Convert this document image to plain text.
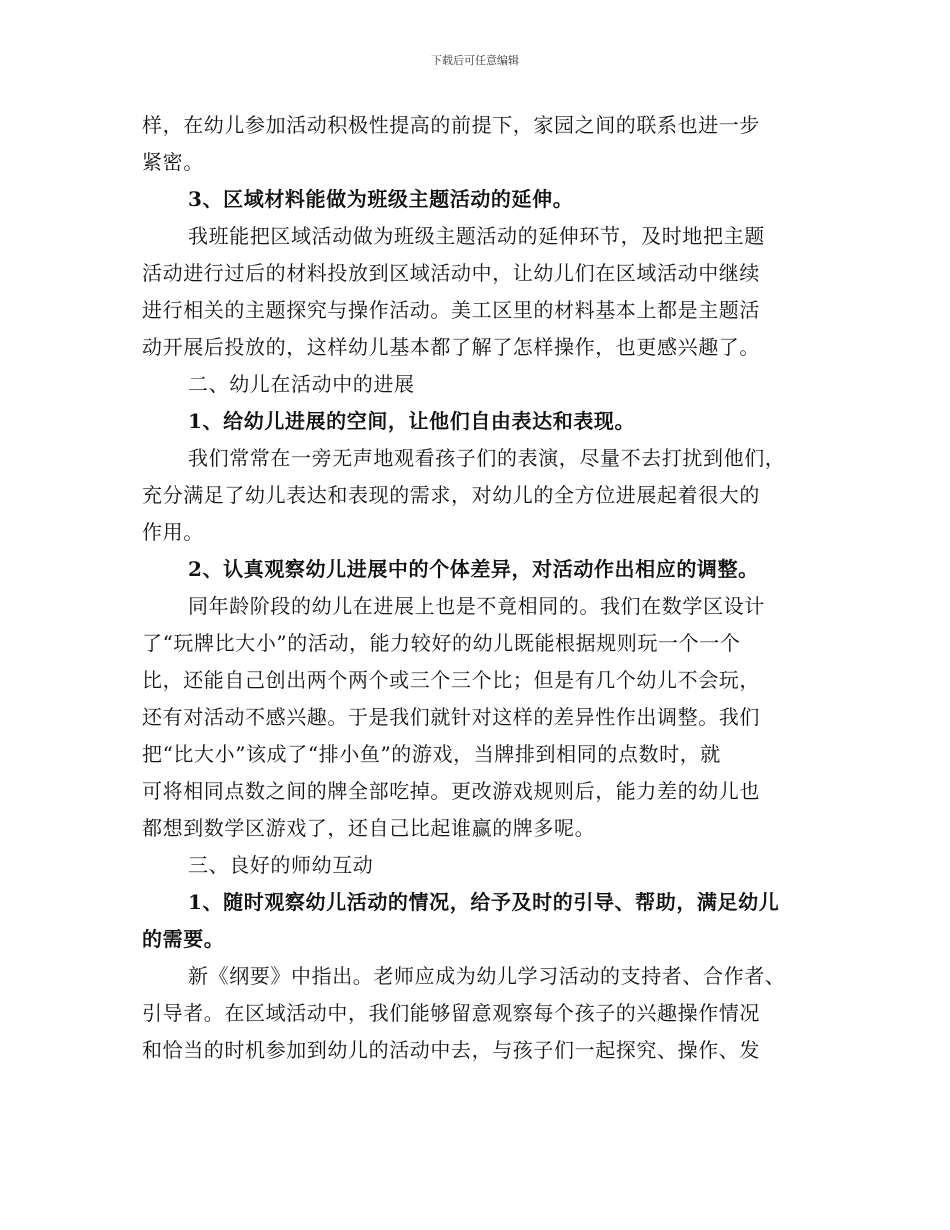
下载后可任意编辑
样，在幼儿参加活动积极性提高的前提下，家园之间的联系也进一步
紧密。
3、区域材料能做为班级主题活动的延伸。
我班能把区域活动做为班级主题活动的延伸环节，及时地把主题
活动进行过后的材料投放到区域活动中，让幼儿们在区域活动中继续
进行相关的主题探究与操作活动。美工区里的材料基本上都是主题活
动开展后投放的，这样幼儿基本都了解了怎样操作，也更感兴趣了。
二、幼儿在活动中的进展
1、给幼儿进展的空间，让他们自由表达和表现。
我们常常在一旁无声地观看孩子们的表演，尽量不去打扰到他们，
充分满足了幼儿表达和表现的需求，对幼儿的全方位进展起着很大的
作用。
2、认真观察幼儿进展中的个体差异，对活动作出相应的调整。
同年龄阶段的幼儿在进展上也是不竟相同的。我们在数学区设计
了“玩牌比大小”的活动，能力较好的幼儿既能根据规则玩一个一个
比，还能自己创出两个两个或三个三个比；但是有几个幼儿不会玩，
还有对活动不感兴趣。于是我们就针对这样的差异性作出调整。我们
把“比大小”该成了“排小鱼”的游戏，当牌排到相同的点数时，就
可将相同点数之间的牌全部吃掉。更改游戏规则后，能力差的幼儿也
都想到数学区游戏了，还自己比起谁赢的牌多呢。
三、良好的师幼互动
1、随时观察幼儿活动的情况，给予及时的引导、帮助，满足幼儿
的需要。
新《纲要》中指出。老师应成为幼儿学习活动的支持者、合作者、
引导者。在区域活动中，我们能够留意观察每个孩子的兴趣操作情况
和恰当的时机参加到幼儿的活动中去，与孩子们一起探究、操作、发
